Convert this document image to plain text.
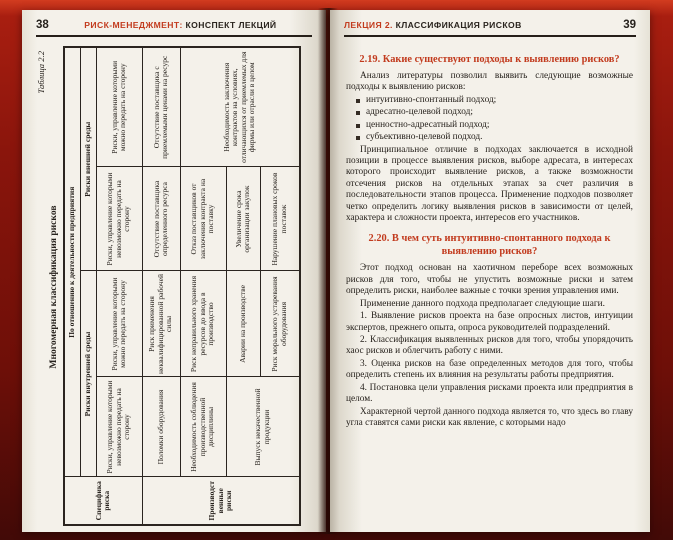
38	РИСК-МЕНЕДЖМЕНТ: КОНСПЕКТ ЛЕКЦИЙ
Таблица 2.2
Многомерная классификация рисков
Специфика риска	По отношению к деятельности предприятия			
	Риски внутренней среды		Риски внешней среды	
	Риски, управление которыми невозможно передать на сторону	Риски, управление которыми можно передать на сторону	Риски, управление которыми невозможно передать на сторону	Риски, управление которыми можно передать на сторону
Производственные риски	Поломки оборудования	Риск применения неквалифицированной рабочей силы	Отсутствие поставщика определенного ресурса	Отсутствие поставщика с приемлемыми ценами на ресурс
	Необходимость соблюдения производственной дисциплины	Риск неправильного хранения ресурсов до ввода в производство	Отказ поставщиков от заключения контракта на поставку	Необходимость заключения контрактов на условиях, отличающихся от приемлемых для фирмы или отрасли в целом
	Выпуск некачественной продукции	Аварии на производстве	Увеличение срока организации закупок	
		Риск морального устаревания оборудования	Нарушение плановых сроков поставок	
ЛЕКЦИЯ 2. КЛАССИФИКАЦИЯ РИСКОВ	39
2.19. Какие существуют подходы к выявлению рисков?

Анализ литературы позволил выявить следующие возможные подходы к выявлению рисков:

интуитивно-спонтанный подход;
адресатно-целевой подход;
ценностно-адресатный подход;
субъективно-целевой подход.

Принципиальное отличие в подходах заключается в исходной позиции в процессе выявления рисков, выборе адресата, в интересах которого происходит выявление рисков, а также возможности отсечения рисков на отдельных этапах за счет различия в последовательности этапов процесса. Применение подходов позволяет четко определить логику выявления рисков в зависимости от целей, характера и сложности проекта, интересов его участников.

2.20. В чем суть интуитивно-спонтанного подхода к выявлению рисков?

Этот подход основан на хаотичном переборе всех возможных рисков для того, чтобы не упустить возможные риски и затем определить риски, наиболее важные с точки зрения управления ими.

Применение данного подхода предполагает следующие шаги.

1. Выявление рисков проекта на базе опросных листов, интуиции экспертов, прежнего опыта, опроса руководителей подразделений.

2. Классификация выявленных рисков для того, чтобы упорядочить хаос рисков и облегчить работу с ними.

3. Оценка рисков на базе определенных методов для того, чтобы определить степень их влияния на результаты работы предприятия.

4. Постановка цели управления рисками проекта или предприятия в целом.

Характерной чертой данного подхода является то, что здесь во главу угла ставятся сами риски как явление, с которыми надо
